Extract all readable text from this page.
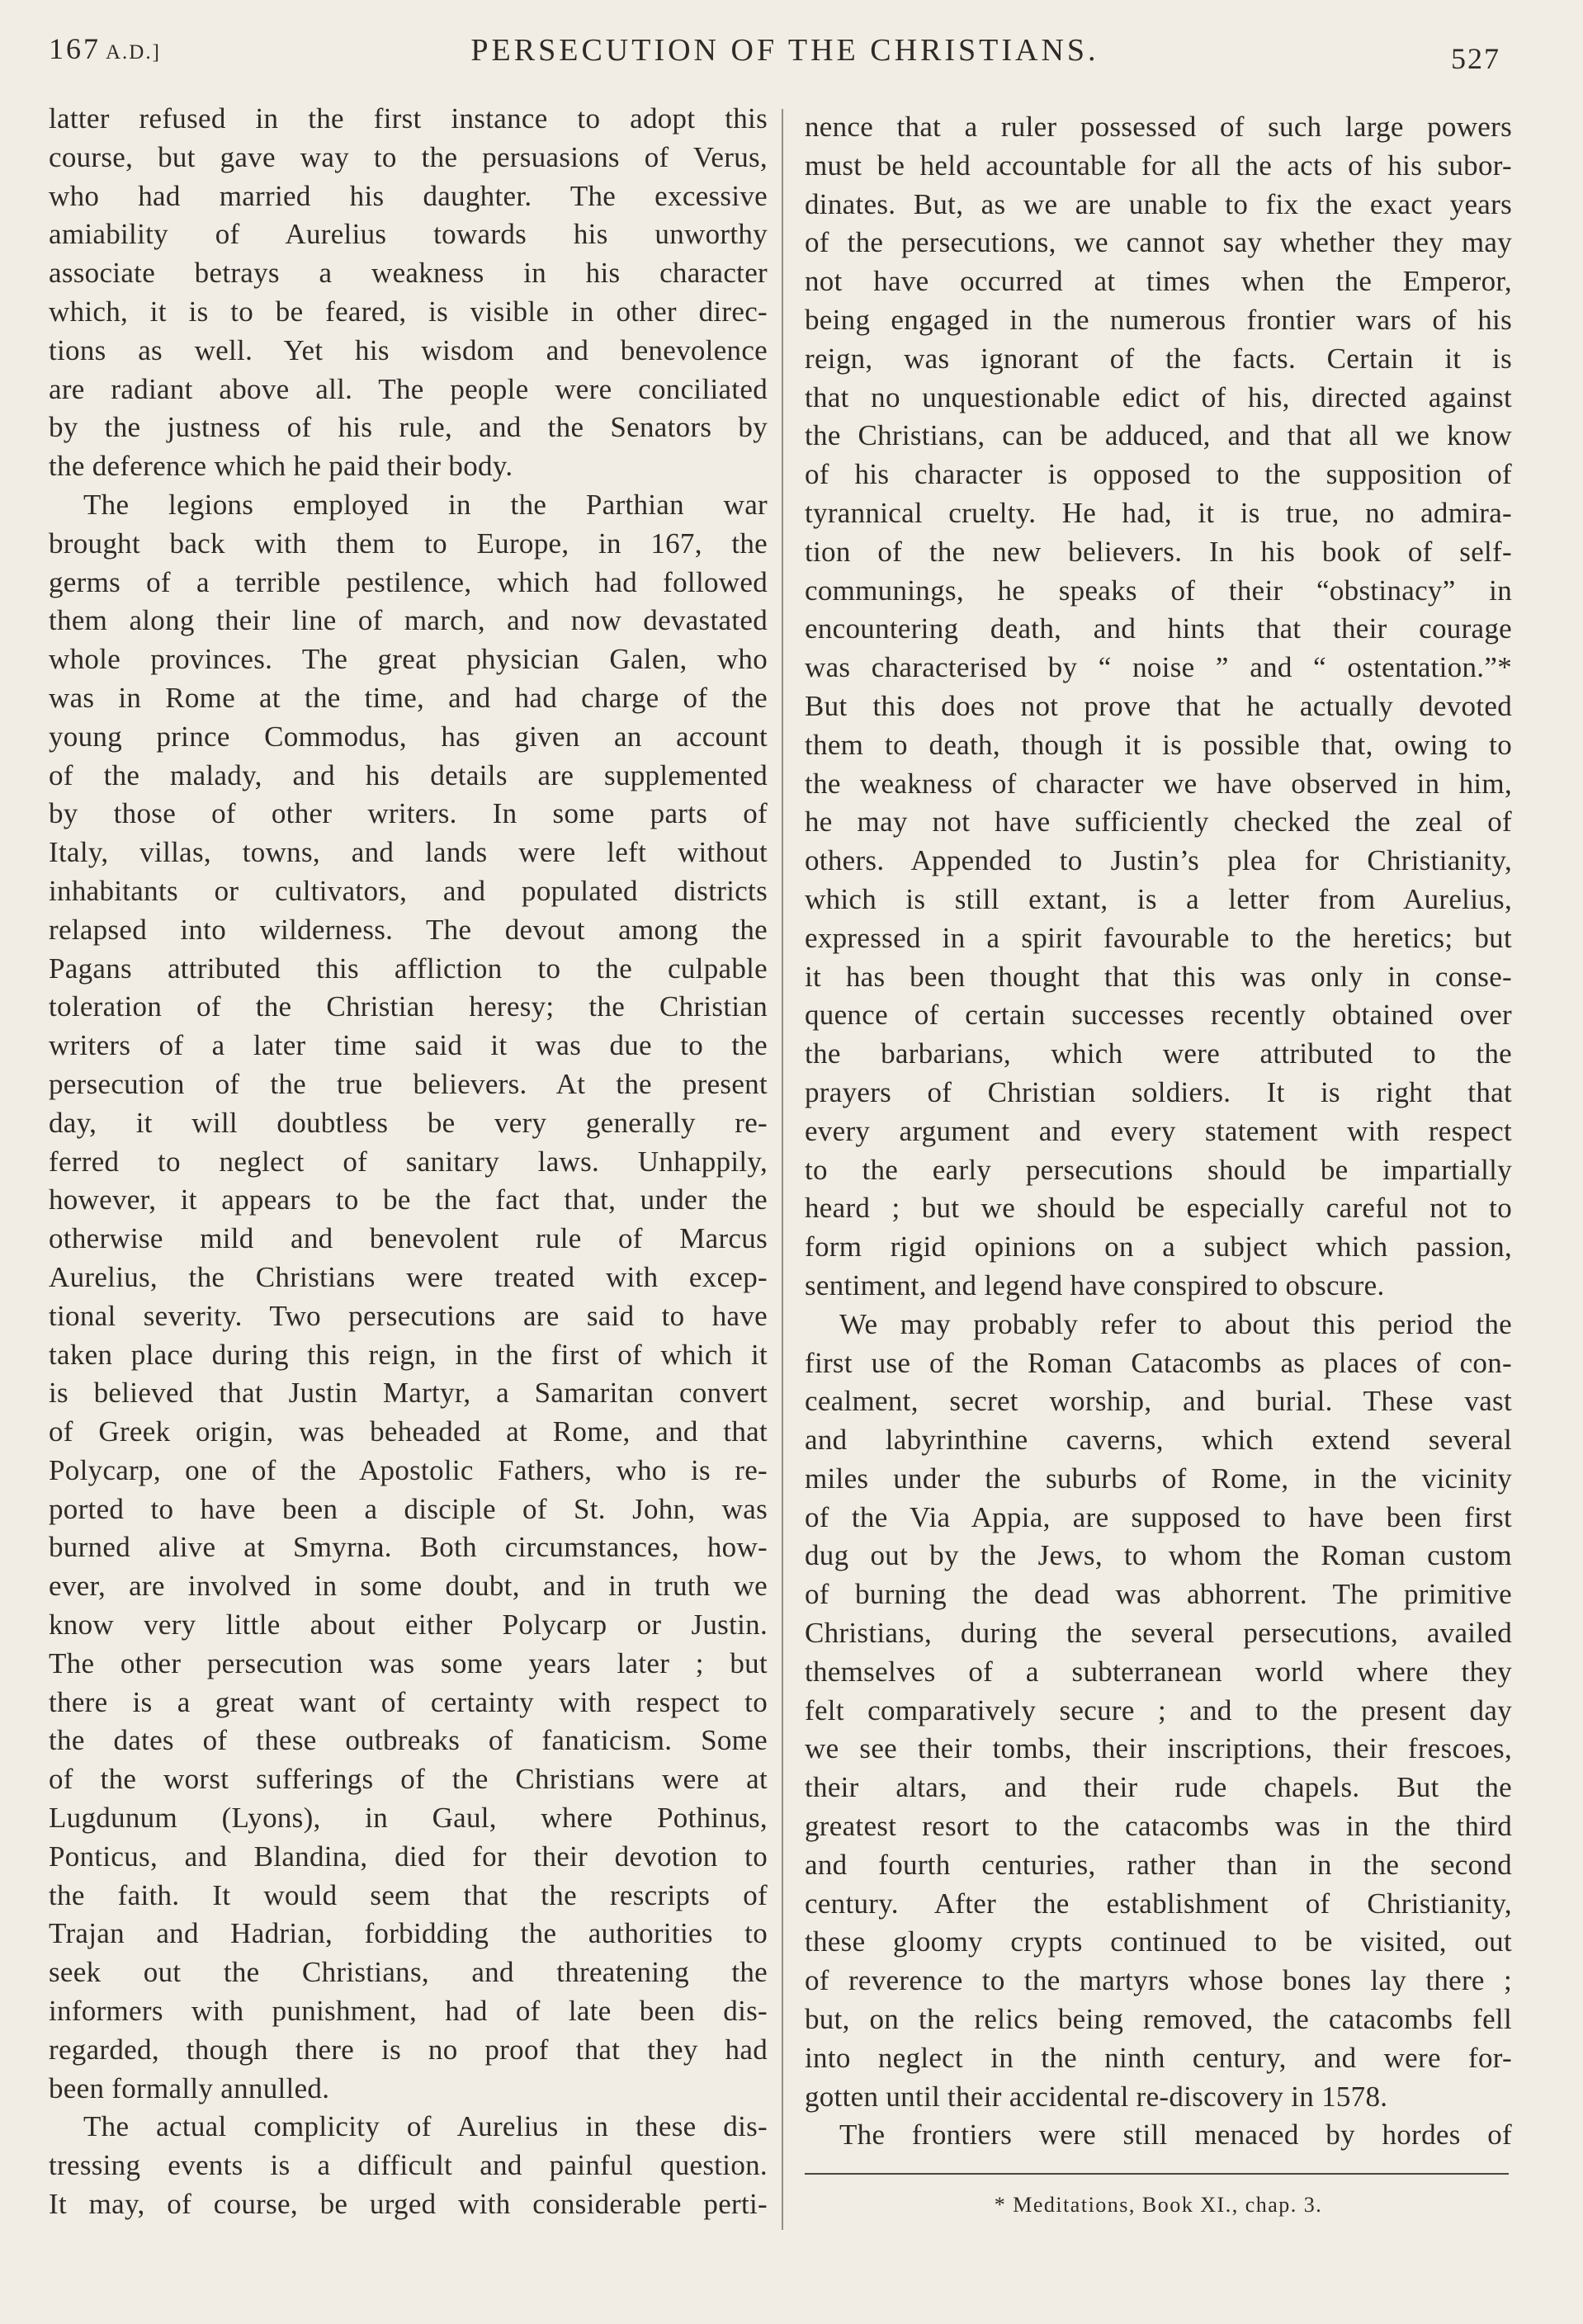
167 A.D.]	PERSECUTION OF THE CHRISTIANS.	527
latter refused in the first instance to adopt this
course, but gave way to the persuasions of Verus,
who had married his daughter. The excessive
amiability of Aurelius towards his unworthy
associate betrays a weakness in his character
which, it is to be feared, is visible in other direc-
tions as well. Yet his wisdom and benevolence
are radiant above all. The people were conciliated
by the justness of his rule, and the Senators by
the deference which he paid their body.
The legions employed in the Parthian war
brought back with them to Europe, in 167, the
germs of a terrible pestilence, which had followed
them along their line of march, and now devastated
whole provinces. The great physician Galen, who
was in Rome at the time, and had charge of the
young prince Commodus, has given an account
of the malady, and his details are supplemented
by those of other writers. In some parts of
Italy, villas, towns, and lands were left without
inhabitants or cultivators, and populated districts
relapsed into wilderness. The devout among the
Pagans attributed this affliction to the culpable
toleration of the Christian heresy; the Christian
writers of a later time said it was due to the
persecution of the true believers. At the present
day, it will doubtless be very generally re-
ferred to neglect of sanitary laws. Unhappily,
however, it appears to be the fact that, under the
otherwise mild and benevolent rule of Marcus
Aurelius, the Christians were treated with excep-
tional severity. Two persecutions are said to have
taken place during this reign, in the first of which it
is believed that Justin Martyr, a Samaritan convert
of Greek origin, was beheaded at Rome, and that
Polycarp, one of the Apostolic Fathers, who is re-
ported to have been a disciple of St. John, was
burned alive at Smyrna. Both circumstances, how-
ever, are involved in some doubt, and in truth we
know very little about either Polycarp or Justin.
The other persecution was some years later ; but
there is a great want of certainty with respect to
the dates of these outbreaks of fanaticism. Some
of the worst sufferings of the Christians were at
Lugdunum (Lyons), in Gaul, where Pothinus,
Ponticus, and Blandina, died for their devotion to
the faith. It would seem that the rescripts of
Trajan and Hadrian, forbidding the authorities to
seek out the Christians, and threatening the
informers with punishment, had of late been dis-
regarded, though there is no proof that they had
been formally annulled.
The actual complicity of Aurelius in these dis-
tressing events is a difficult and painful question.
It may, of course, be urged with considerable perti-
nence that a ruler possessed of such large powers
must be held accountable for all the acts of his subor-
dinates. But, as we are unable to fix the exact years
of the persecutions, we cannot say whether they may
not have occurred at times when the Emperor,
being engaged in the numerous frontier wars of his
reign, was ignorant of the facts. Certain it is
that no unquestionable edict of his, directed against
the Christians, can be adduced, and that all we know
of his character is opposed to the supposition of
tyrannical cruelty. He had, it is true, no admira-
tion of the new believers. In his book of self-
communings, he speaks of their “obstinacy” in
encountering death, and hints that their courage
was characterised by “ noise ” and “ ostentation.”*
But this does not prove that he actually devoted
them to death, though it is possible that, owing to
the weakness of character we have observed in him,
he may not have sufficiently checked the zeal of
others. Appended to Justin’s plea for Christianity,
which is still extant, is a letter from Aurelius,
expressed in a spirit favourable to the heretics; but
it has been thought that this was only in conse-
quence of certain successes recently obtained over
the barbarians, which were attributed to the
prayers of Christian soldiers. It is right that
every argument and every statement with respect
to the early persecutions should be impartially
heard ; but we should be especially careful not to
form rigid opinions on a subject which passion,
sentiment, and legend have conspired to obscure.
We may probably refer to about this period the
first use of the Roman Catacombs as places of con-
cealment, secret worship, and burial. These vast
and labyrinthine caverns, which extend several
miles under the suburbs of Rome, in the vicinity
of the Via Appia, are supposed to have been first
dug out by the Jews, to whom the Roman custom
of burning the dead was abhorrent. The primitive
Christians, during the several persecutions, availed
themselves of a subterranean world where they
felt comparatively secure ; and to the present day
we see their tombs, their inscriptions, their frescoes,
their altars, and their rude chapels. But the
greatest resort to the catacombs was in the third
and fourth centuries, rather than in the second
century. After the establishment of Christianity,
these gloomy crypts continued to be visited, out
of reverence to the martyrs whose bones lay there ;
but, on the relics being removed, the catacombs fell
into neglect in the ninth century, and were for-
gotten until their accidental re-discovery in 1578.
The frontiers were still menaced by hordes of
* Meditations, Book XI., chap. 3.
